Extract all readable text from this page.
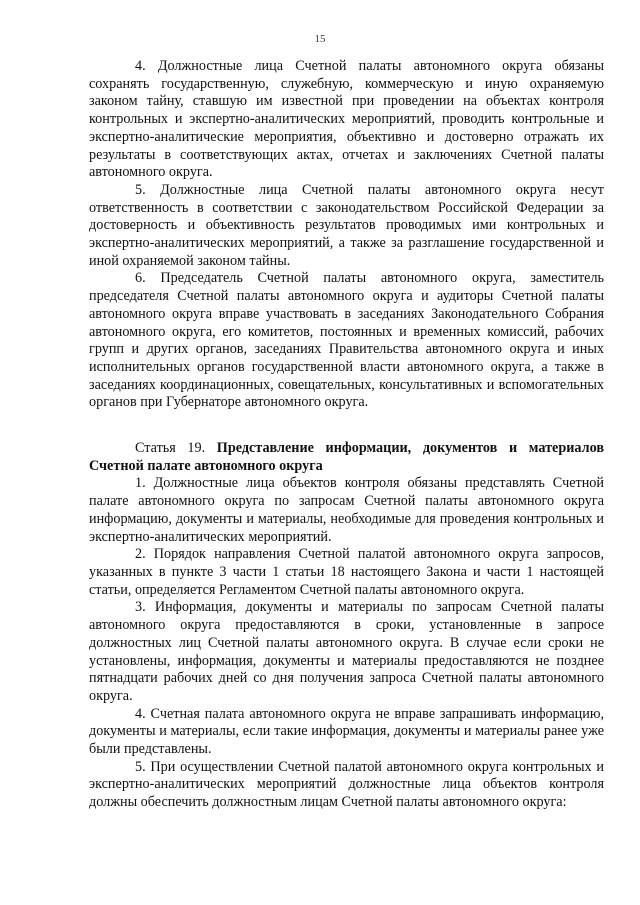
15

4. Должностные лица Счетной палаты автономного округа обязаны сохранять государственную, служебную, коммерческую и иную охраняемую законом тайну, ставшую им известной при проведении на объектах контроля контрольных и экспертно-аналитических мероприятий, проводить контрольные и экспертно-аналитические мероприятия, объективно и достоверно отражать их результаты в соответствующих актах, отчетах и заключениях Счетной палаты автономного округа.

5. Должностные лица Счетной палаты автономного округа несут ответственность в соответствии с законодательством Российской Федерации за достоверность и объективность результатов проводимых ими контрольных и экспертно-аналитических мероприятий, а также за разглашение государственной и иной охраняемой законом тайны.

6. Председатель Счетной палаты автономного округа, заместитель председателя Счетной палаты автономного округа и аудиторы Счетной палаты автономного округа вправе участвовать в заседаниях Законодательного Собрания автономного округа, его комитетов, постоянных и временных комиссий, рабочих групп и других органов, заседаниях Правительства автономного округа и иных исполнительных органов государственной власти автономного округа, а также в заседаниях координационных, совещательных, консультативных и вспомогательных органов при Губернаторе автономного округа.

Статья 19. Представление информации, документов и материалов Счетной палате автономного округа

1. Должностные лица объектов контроля обязаны представлять Счетной палате автономного округа по запросам Счетной палаты автономного округа информацию, документы и материалы, необходимые для проведения контрольных и экспертно-аналитических мероприятий.

2. Порядок направления Счетной палатой автономного округа запросов, указанных в пункте 3 части 1 статьи 18 настоящего Закона и части 1 настоящей статьи, определяется Регламентом Счетной палаты автономного округа.

3. Информация, документы и материалы по запросам Счетной палаты автономного округа предоставляются в сроки, установленные в запросе должностных лиц Счетной палаты автономного округа. В случае если сроки не установлены, информация, документы и материалы предоставляются не позднее пятнадцати рабочих дней со дня получения запроса Счетной палаты автономного округа.

4. Счетная палата автономного округа не вправе запрашивать информацию, документы и материалы, если такие информация, документы и материалы ранее уже были представлены.

5. При осуществлении Счетной палатой автономного округа контрольных и экспертно-аналитических мероприятий должностные лица объектов контроля должны обеспечить должностным лицам Счетной палаты автономного округа:
